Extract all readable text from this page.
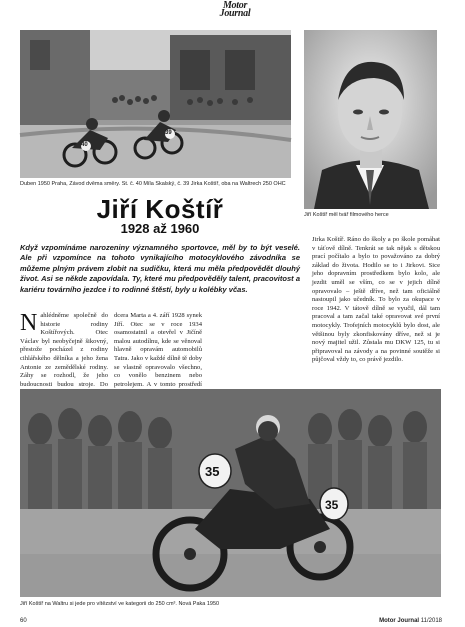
Motor
Journal
40
39
Duben 1950 Praha, Závod dvěma směry. St. č. 40 Míla Skalský, č. 39 Jirka Koštíř, oba na Waltrech 250 OHC
Jiří Koštíř měl tvář filmového herce
Jiří Koštíř
1928 až 1960
Když vzpomínáme narozeniny významného sportovce, měl by to být veselé. Ale při vzpomínce na tohoto vynikajícího motocyklového závodníka se můžeme plným právem zlobit na sudičku, která mu měla předpovědět dlouhý život. Asi se někde zapovídala. Ty, které mu předpověděly talent, pracovitost a kariéru továrního jezdce i to rodinné štěstí, byly u kolébky včas.
Nahlédněme společně do historie rodiny Koštířových. Otec Václav byl neobyčejně šikovný, přestože pocházel z rodiny cihlářského dělníka a jeho žena Antonie ze zemědělské rodiny. Záhy se rozhodl, že jeho budoucnosti budou stroje. Do
dcera Marta a 4. září 1928 synek Jiří. Otec se v roce 1934 osamostatnil a otevřel v Jičíně malou autodílnu, kde se věnoval hlavně opravám automobilů Tatra. Jako v každé dílně tě doby se vlastně opravovalo všechno, co vonělo benzinem nebo petrolejem. A v tomto prostředí
Jirka Koštíř. Ráno do školy a po škole pomáhat v táťově dílně. Tenkrát se tak nějak s dětskou prací počítalo a bylo to považováno za dobrý základ do života. Hodilo se to i Jirkovi. Sice jeho dopravním prostředkem bylo kolo, ale jezdit uměl se vším, co se v jejich dílně opravovalo – ještě dříve, než tam oficiálně nastoupil jako učedník. To bylo za okupace v roce 1942. V tátově dílně se vyučil, dál tam pracoval a tam začal také opravovat své první motocykly. Trofejních motocyklů bylo dost, ale většinou byly zkonfiskovány dříve, než si je nový majitel užil. Zůstala mu DKW 125, tu si připravoval na závody a na povinné soutěže si půjčoval vždy to, co právě jezdilo.
35
35
Jiří Koštíř na Waltru si jede pro vítězství ve kategorii do 250 cm³. Nová Paka 1950
60	Motor Journal 11/2018
